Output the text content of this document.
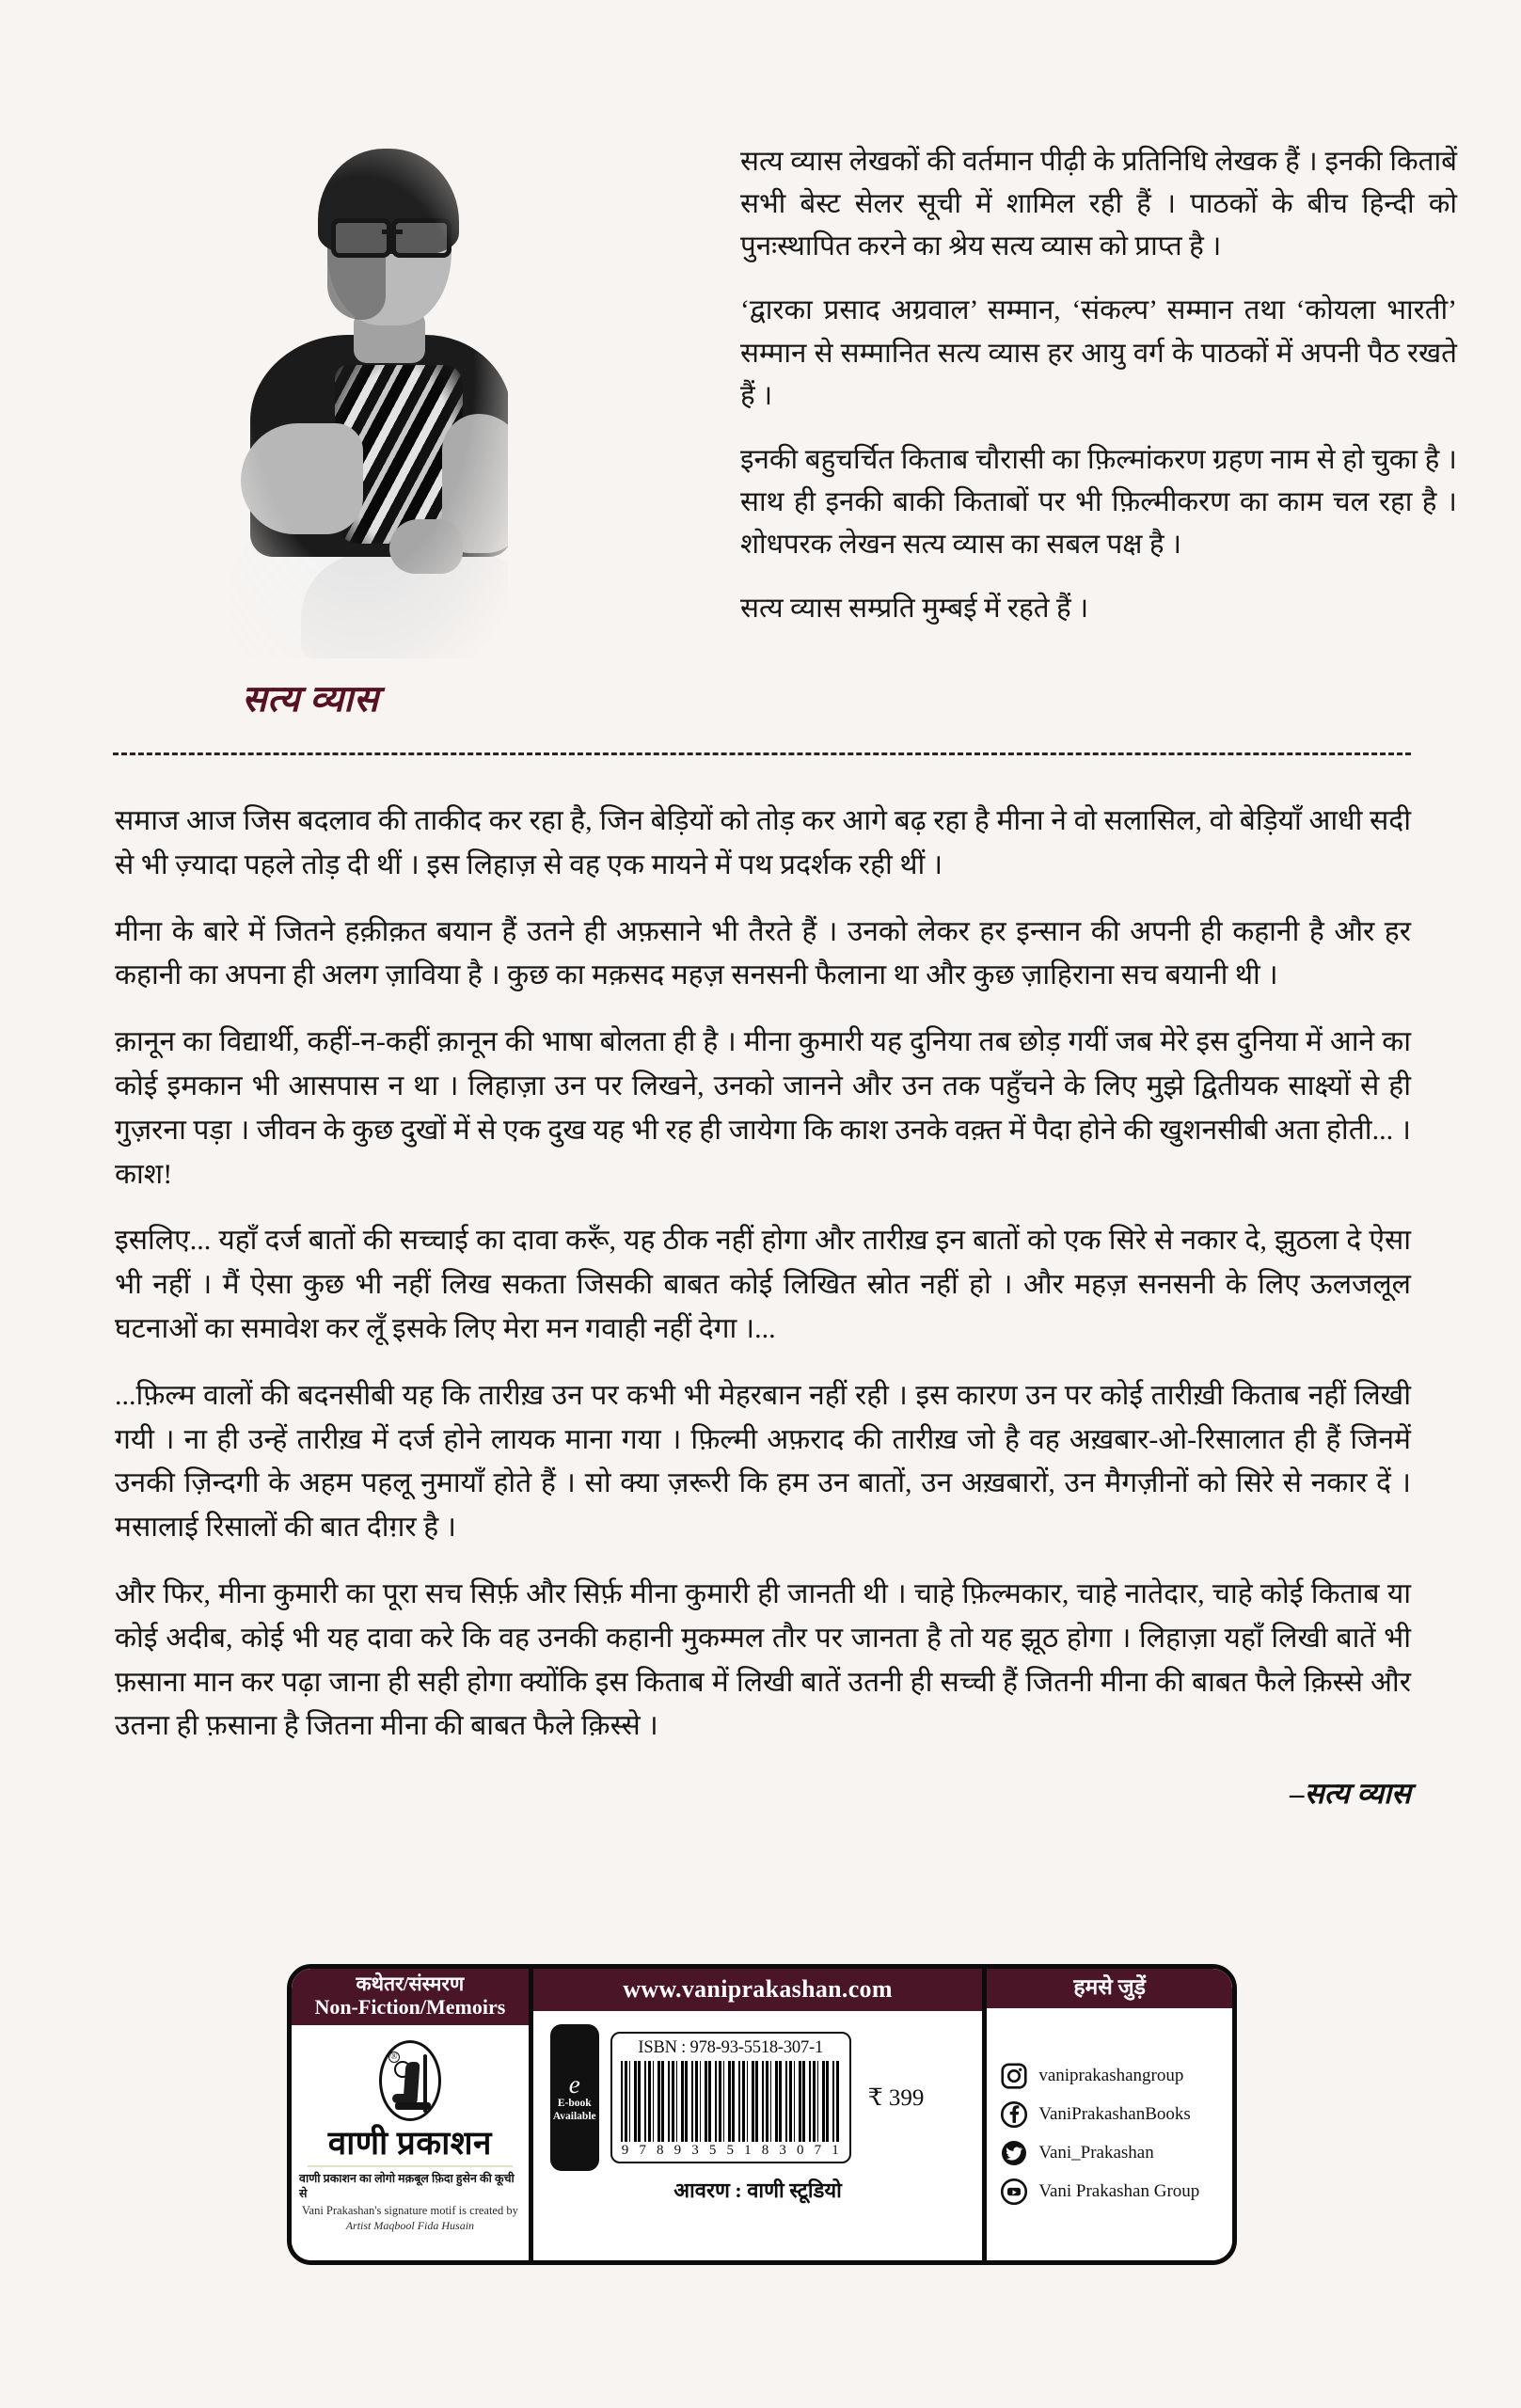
सत्य व्यास

सत्य व्यास लेखकों की वर्तमान पीढ़ी के प्रतिनिधि लेखक हैं । इनकी किताबें सभी बेस्ट सेलर सूची में शामिल रही हैं । पाठकों के बीच हिन्दी को पुनःस्थापित करने का श्रेय सत्य व्यास को प्राप्त है ।

‘द्वारका प्रसाद अग्रवाल’ सम्मान, ‘संकल्प’ सम्मान तथा ‘कोयला भारती’ सम्मान से सम्मानित सत्य व्यास हर आयु वर्ग के पाठकों में अपनी पैठ रखते हैं ।

इनकी बहुचर्चित किताब चौरासी का फ़िल्मांकरण ग्रहण नाम से हो चुका है । साथ ही इनकी बाकी किताबों पर भी फ़िल्मीकरण का काम चल रहा है । शोधपरक लेखन सत्य व्यास का सबल पक्ष है ।

सत्य व्यास सम्प्रति मुम्बई में रहते हैं ।

समाज आज जिस बदलाव की ताकीद कर रहा है, जिन बेड़ियों को तोड़ कर आगे बढ़ रहा है मीना ने वो सलासिल, वो बेड़ियाँ आधी सदी से भी ज़्यादा पहले तोड़ दी थीं । इस लिहाज़ से वह एक मायने में पथ प्रदर्शक रही थीं ।

मीना के बारे में जितने हक़ीक़त बयान हैं उतने ही अफ़साने भी तैरते हैं । उनको लेकर हर इन्सान की अपनी ही कहानी है और हर कहानी का अपना ही अलग ज़ाविया है । कुछ का मक़सद महज़ सनसनी फैलाना था और कुछ ज़ाहिराना सच बयानी थी ।

क़ानून का विद्यार्थी, कहीं-न-कहीं क़ानून की भाषा बोलता ही है । मीना कुमारी यह दुनिया तब छोड़ गयीं जब मेरे इस दुनिया में आने का कोई इमकान भी आसपास न था । लिहाज़ा उन पर लिखने, उनको जानने और उन तक पहुँचने के लिए मुझे द्वितीयक साक्ष्यों से ही गुज़रना पड़ा । जीवन के कुछ दुखों में से एक दुख यह भी रह ही जायेगा कि काश उनके वक़्त में पैदा होने की खुशनसीबी अता होती... । काश!

इसलिए... यहाँ दर्ज बातों की सच्चाई का दावा करूँ, यह ठीक नहीं होगा और तारीख़ इन बातों को एक सिरे से नकार दे, झुठला दे ऐसा भी नहीं । मैं ऐसा कुछ भी नहीं लिख सकता जिसकी बाबत कोई लिखित स्रोत नहीं हो । और महज़ सनसनी के लिए ऊलजलूल घटनाओं का समावेश कर लूँ इसके लिए मेरा मन गवाही नहीं देगा ।...

...फ़िल्म वालों की बदनसीबी यह कि तारीख़ उन पर कभी भी मेहरबान नहीं रही । इस कारण उन पर कोई तारीख़ी किताब नहीं लिखी गयी । ना ही उन्हें तारीख़ में दर्ज होने लायक माना गया । फ़िल्मी अफ़राद की तारीख़ जो है वह अख़बार-ओ-रिसालात ही हैं जिनमें उनकी ज़िन्दगी के अहम पहलू नुमायाँ होते हैं । सो क्या ज़रूरी कि हम उन बातों, उन अख़बारों, उन मैगज़ीनों को सिरे से नकार दें । मसालाई रिसालों की बात दीग़र है ।

और फिर, मीना कुमारी का पूरा सच सिर्फ़ और सिर्फ़ मीना कुमारी ही जानती थी । चाहे फ़िल्मकार, चाहे नातेदार, चाहे कोई किताब या कोई अदीब, कोई भी यह दावा करे कि वह उनकी कहानी मुकम्मल तौर पर जानता है तो यह झूठ होगा । लिहाज़ा यहाँ लिखी बातें भी फ़साना मान कर पढ़ा जाना ही सही होगा क्योंकि इस किताब में लिखी बातें उतनी ही सच्ची हैं जितनी मीना की बाबत फैले क़िस्से और उतना ही फ़साना है जितना मीना की बाबत फैले क़िस्से ।

–सत्य व्यास
कथेतर/संस्मरण
Non-Fiction/Memoirs
®
वाणी प्रकाशन
वाणी प्रकाशन का लोगो मक़बूल फ़िदा हुसेन की कूची से
Vani Prakashan's signature motif is created by
Artist Maqbool Fida Husain
www.vaniprakashan.com
e
E-book
Available
ISBN : 978-93-5518-307-1
9 7 8 9 3 5 5 1 8 3 0 7 1
₹ 399
आवरण : वाणी स्टूडियो
हमसे जुड़ें
vaniprakashangroup
VaniPrakashanBooks
Vani_Prakashan
Vani Prakashan Group
